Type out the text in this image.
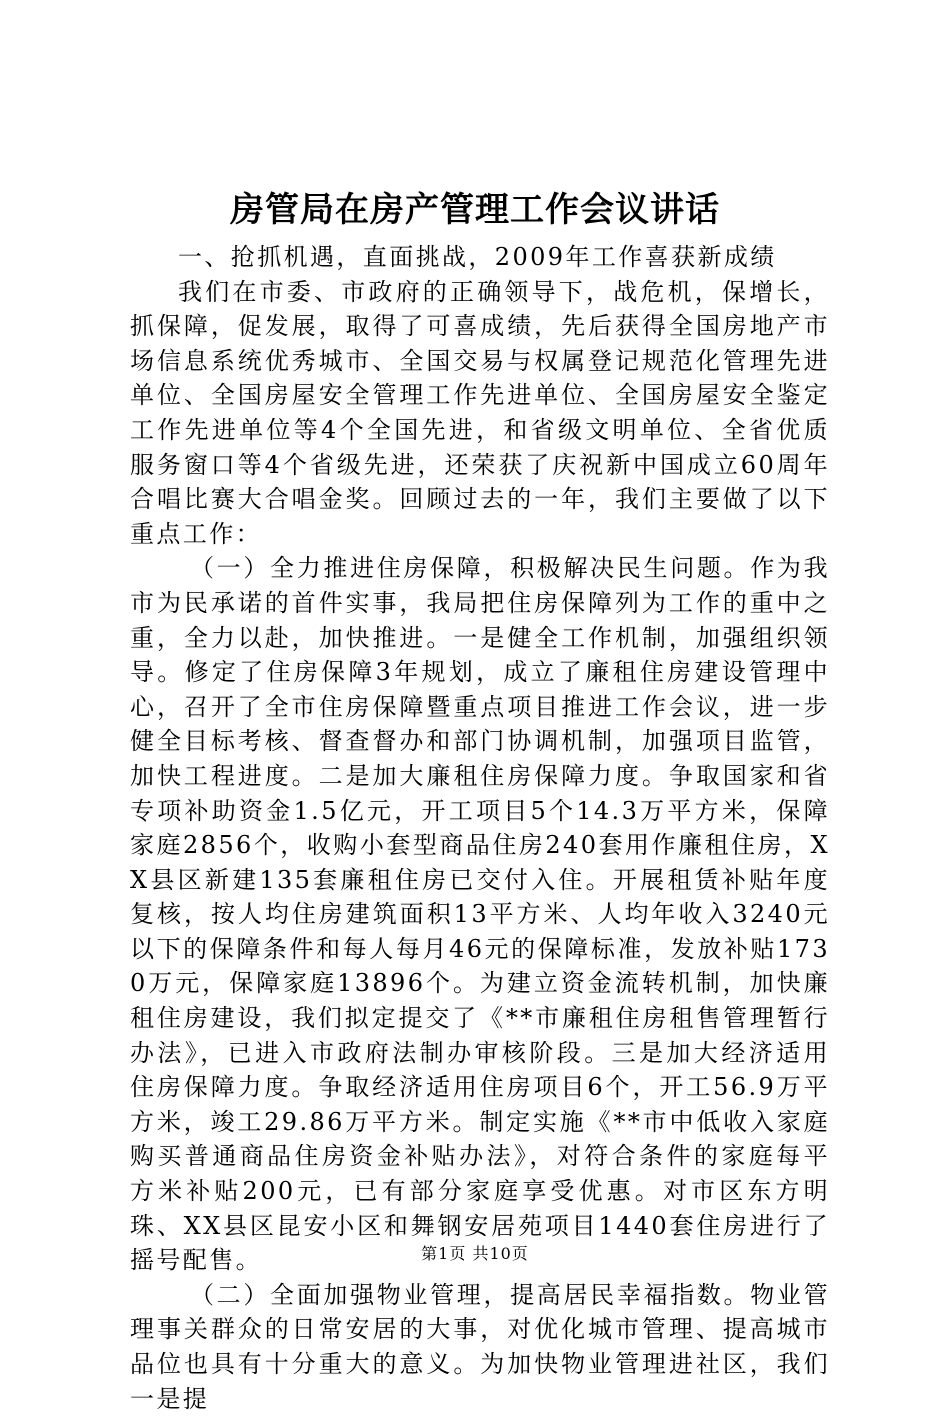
房管局在房产管理工作会议讲话

一、抢抓机遇，直面挑战，2009年工作喜获新成绩

我们在市委、市政府的正确领导下，战危机，保增长，抓保障，促发展，取得了可喜成绩，先后获得全国房地产市场信息系统优秀城市、全国交易与权属登记规范化管理先进单位、全国房屋安全管理工作先进单位、全国房屋安全鉴定工作先进单位等4个全国先进，和省级文明单位、全省优质服务窗口等4个省级先进，还荣获了庆祝新中国成立60周年合唱比赛大合唱金奖。回顾过去的一年，我们主要做了以下重点工作：

（一）全力推进住房保障，积极解决民生问题。作为我市为民承诺的首件实事，我局把住房保障列为工作的重中之重，全力以赴，加快推进。一是健全工作机制，加强组织领导。修定了住房保障3年规划，成立了廉租住房建设管理中心，召开了全市住房保障暨重点项目推进工作会议，进一步健全目标考核、督查督办和部门协调机制，加强项目监管，加快工程进度。二是加大廉租住房保障力度。争取国家和省专项补助资金1.5亿元，开工项目5个14.3万平方米，保障家庭2856个，收购小套型商品住房240套用作廉租住房，XX县区新建135套廉租住房已交付入住。开展租赁补贴年度复核，按人均住房建筑面积13平方米、人均年收入3240元以下的保障条件和每人每月46元的保障标准，发放补贴1730万元，保障家庭13896个。为建立资金流转机制，加快廉租住房建设，我们拟定提交了《**市廉租住房租售管理暂行办法》，已进入市政府法制办审核阶段。三是加大经济适用住房保障力度。争取经济适用住房项目6个，开工56.9万平方米，竣工29.86万平方米。制定实施《**市中低收入家庭购买普通商品住房资金补贴办法》，对符合条件的家庭每平方米补贴200元，已有部分家庭享受优惠。对市区东方明珠、XX县区昆安小区和舞钢安居苑项目1440套住房进行了摇号配售。

（二）全面加强物业管理，提高居民幸福指数。物业管理事关群众的日常安居的大事，对优化城市管理、提高城市品位也具有十分重大的意义。为加快物业管理进社区，我们一是提

第1页 共10页
